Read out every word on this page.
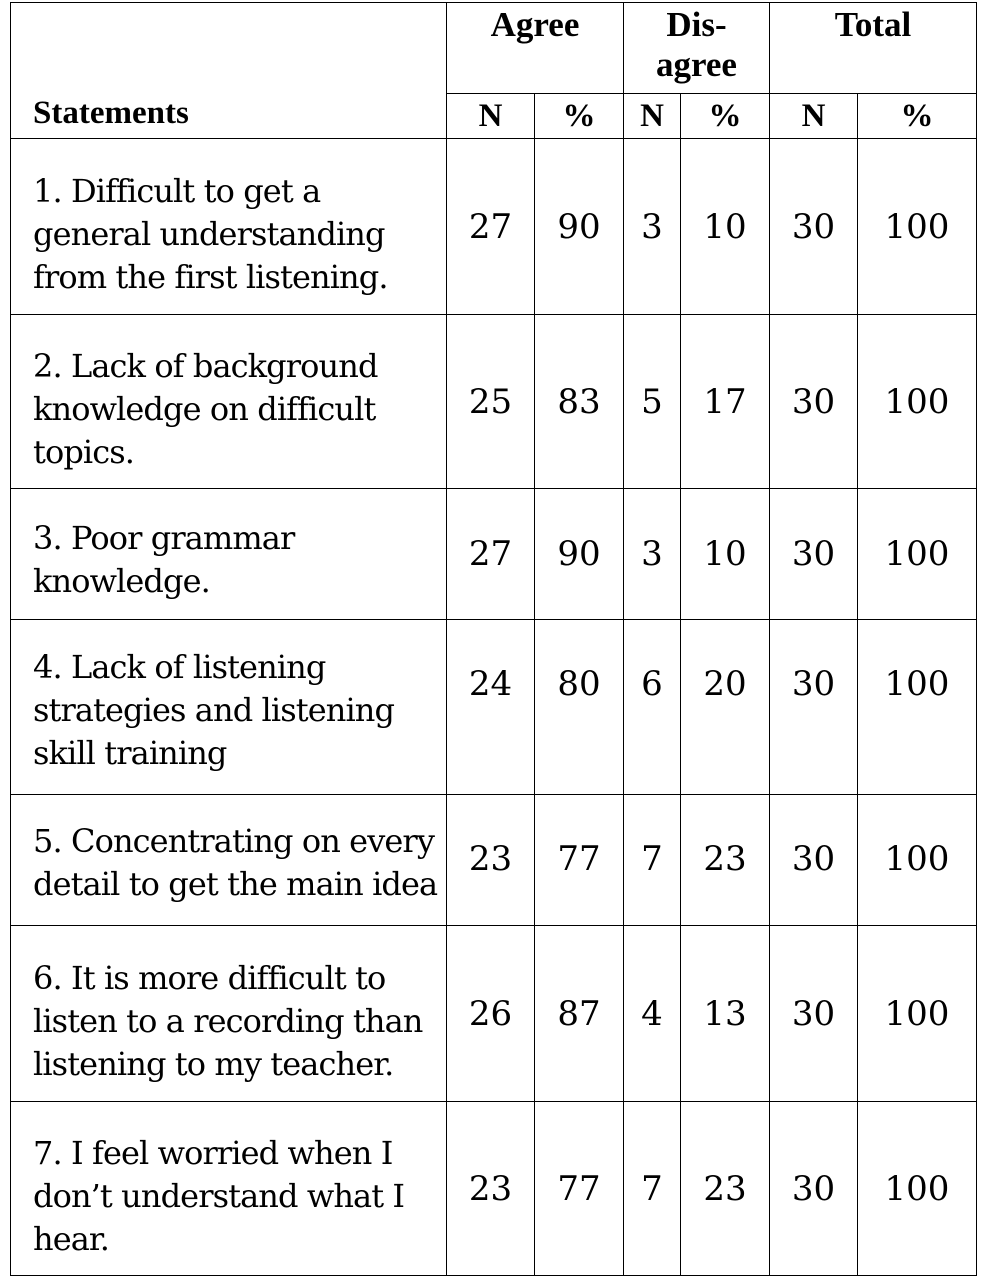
Statements	Agree		Dis-
agree		Total	
	N	%	N	%	N	%
1. Difficult to get a
general understanding
from the first listening.	27	90	3	10	30	100
2. Lack of background
knowledge on difficult
topics.	25	83	5	17	30	100
3. Poor grammar
knowledge.	27	90	3	10	30	100
4. Lack of listening
strategies and listening
skill training	24	80	6	20	30	100
5. Concentrating on every
detail to get the main idea	23	77	7	23	30	100
6. It is more difficult to
listen to a recording than
listening to my teacher.	26	87	4	13	30	100
7. I feel worried when I
don’t understand what I
hear.	23	77	7	23	30	100
